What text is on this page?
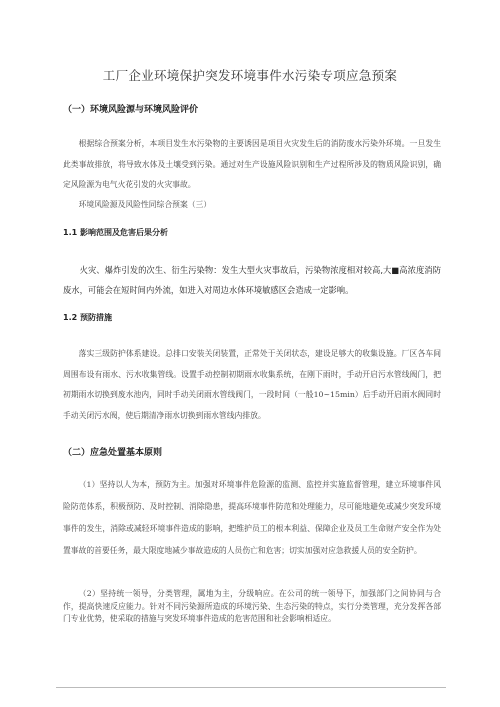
工厂企业环境保护突发环境事件水污染专项应急预案
（一）环境风险源与环境风险评价
根据综合预案分析，本项目发生水污染物的主要诱因是项目火灾发生后的消防废水污染外环境。一旦发生此类事故排放，将导致水体及土壤受到污染。通过对生产设施风险识别和生产过程所涉及的物质风险识别，确定风险源为电气火花引发的火灾事故。
环境风险源及风险性同综合预案（三）
1.1 影响范围及危害后果分析
火灾、爆炸引发的次生、衍生污染物：发生大型火灾事故后，污染物浓度相对较高,大■高浓度消防废水，可能会在短时间内外流，如进入对周边水体环境敏感区会造成一定影响。
1.2 预防措施
落实三级防护体系建设。总排口安装关闭装置，正常处于关闭状态，建设足够大的收集设施。厂区各车间周围布设有雨水、污水收集管线。设置手动控制初期雨水收集系统，在刚下雨时，手动开启污水管线阀门，把初期雨水切换到废水池内，同时手动关闭雨水管线阀门，一段时间（一般10~15min）后手动开启雨水阀同时手动关闭污水阀，使后期清净雨水切换到雨水管线内排放。
（二）应急处置基本原则
（1）坚持以人为本，预防为主。加强对环境事件危险源的监测、监控并实施监督管理，建立环境事件风险防范体系，积极预防、及时控制、消除隐患，提高环境事件防范和处理能力，尽可能地避免或减少突发环境事件的发生，消除或减轻环境事件造成的影响，把维护员工的根本利益、保障企业及员工生命财产安全作为处置事故的首要任务，最大限度地减少事故造成的人员伤亡和危害；切实加强对应急救援人员的安全防护。
（2）坚持统一领导，分类管理，属地为主，分级响应。在公司的统一领导下，加强部门之间协同与合作，提高快速反应能力。针对不同污染源所造成的环境污染、生态污染的特点，实行分类管理，充分发挥各部门专业优势，使采取的措施与突发环境事件造成的危害范围和社会影响相适应。
